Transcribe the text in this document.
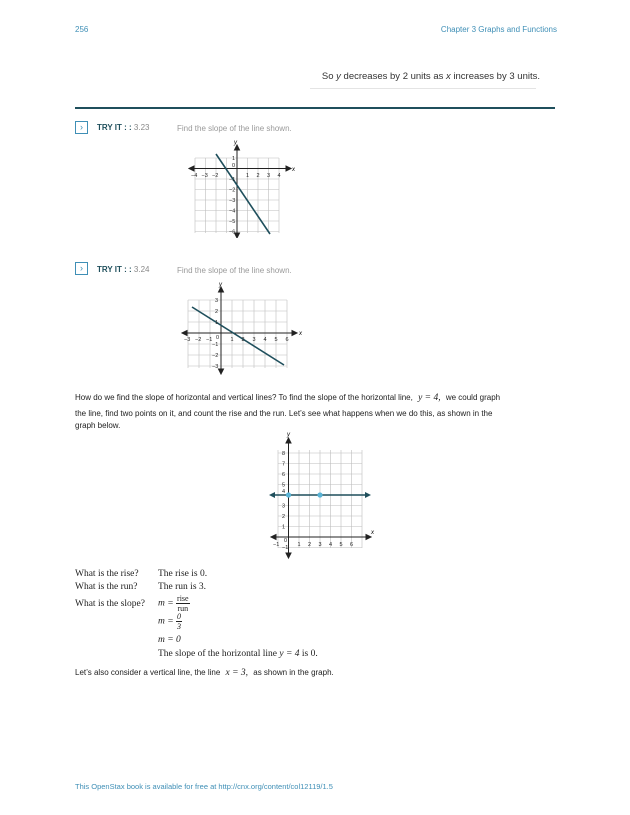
256	Chapter 3 Graphs and Functions
So y decreases by 2 units as x increases by 3 units.
›	TRY IT : : 3.23	Find the slope of the line shown.
x
y
−4 −3 −2
0
1 2 3 4
1
−1
−2
−3
−4
−5
−6
›	TRY IT : : 3.24	Find the slope of the line shown.
x
y
−3 −2 −1 0 1 2 3 4 5 6
3
2
1
−1
−2
−3
How do we find the slope of horizontal and vertical lines? To find the slope of the horizontal line, y = 4, we could graph
the line, find two points on it, and count the rise and the run. Let’s see what happens when we do this, as shown in the
graph below.
x
y
−1
0
1 2 3 4 5 6
8
7
6
5
4
3
2
1
−1
What is the rise? The rise is 0.
What is the run? The run is 3.
What is the slope? $m = \frac{\text{rise}}{\text{run}}$
$m = \frac{0}{3}$
m = 0
The slope of the horizontal line y = 4 is 0.
Let’s also consider a vertical line, the line x = 3, as shown in the graph.
This OpenStax book is available for free at http://cnx.org/content/col12119/1.5
